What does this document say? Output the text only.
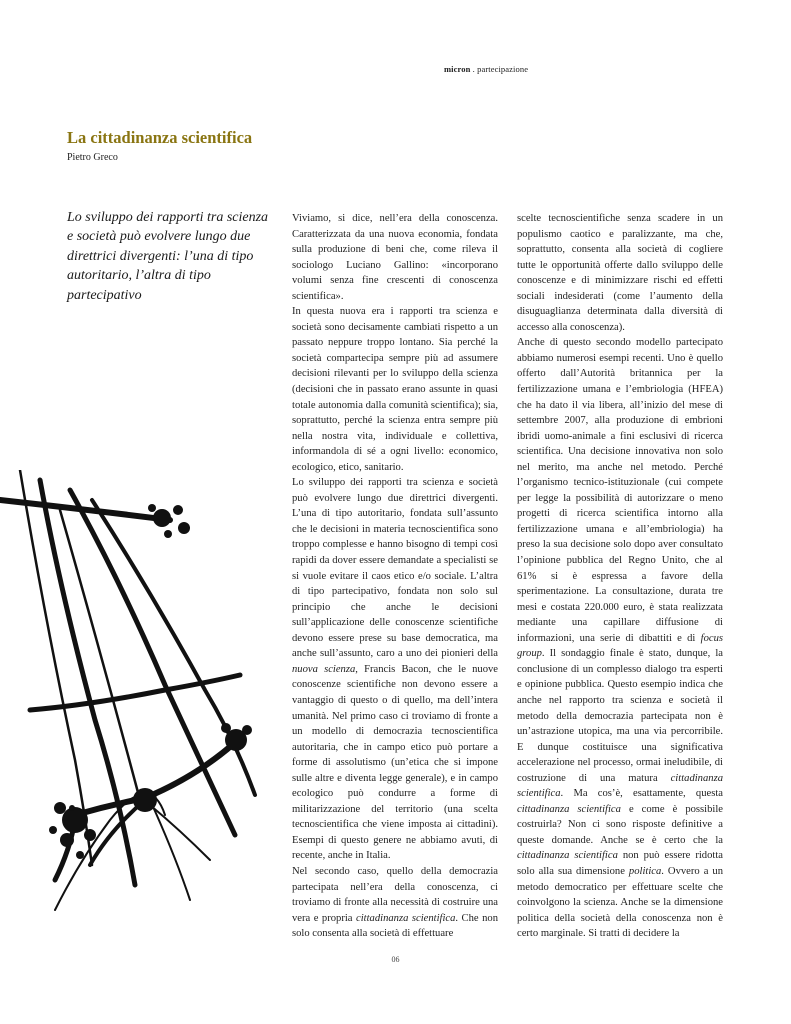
micron . partecipazione
La cittadinanza scientifica
Pietro Greco
Lo sviluppo dei rapporti tra scienza e società può evolvere lungo due direttrici divergenti: l’una di tipo autoritario, l’altra di tipo partecipativo

Viviamo, si dice, nell’era della conoscenza. Caratterizzata da una nuova economia, fondata sulla produzione di beni che, come rileva il sociologo Luciano Gallino: «incorporano volumi senza fine crescenti di conoscenza scientifica».

In questa nuova era i rapporti tra scienza e società sono decisamente cambiati rispetto a un passato neppure troppo lontano. Sia perché la società compartecipa sempre più ad assumere decisioni rilevanti per lo sviluppo della scienza (decisioni che in passato erano assunte in quasi totale autonomia dalla comunità scientifica); sia, soprattutto, perché la scienza entra sempre più nella nostra vita, individuale e collettiva, informandola di sé a ogni livello: economico, ecologico, etico, sanitario.

Lo sviluppo dei rapporti tra scienza e società può evolvere lungo due direttrici divergenti. L’una di tipo autoritario, fondata sull’assunto che le decisioni in materia tecnoscientifica sono troppo complesse e hanno bisogno di tempi così rapidi da dover essere demandate a specialisti se si vuole evitare il caos etico e/o sociale. L’altra di tipo partecipativo, fondata non solo sul principio che anche le decisioni sull’applicazione delle conoscenze scientifiche devono essere prese su base democratica, ma anche sull’assunto, caro a uno dei pionieri della nuova scienza, Francis Bacon, che le nuove conoscenze scientifiche non devono essere a vantaggio di questo o di quello, ma dell’intera umanità. Nel primo caso ci troviamo di fronte a un modello di democrazia tecnoscientifica autoritaria, che in campo etico può portare a forme di assolutismo (un’etica che si impone sulle altre e diventa legge generale), e in campo ecologico può condurre a forme di militarizzazione del territorio (una scelta tecnoscientifica che viene imposta ai cittadini). Esempi di questo genere ne abbiamo avuti, di recente, anche in Italia.

Nel secondo caso, quello della democrazia partecipata nell’era della conoscenza, ci troviamo di fronte alla necessità di costruire una vera e propria cittadinanza scientifica. Che non solo consenta alla società di effettuare

scelte tecnoscientifiche senza scadere in un populismo caotico e paralizzante, ma che, soprattutto, consenta alla società di cogliere tutte le opportunità offerte dallo sviluppo delle conoscenze e di minimizzare rischi ed effetti sociali indesiderati (come l’aumento della disuguaglianza determinata dalla diversità di accesso alla conoscenza).

Anche di questo secondo modello partecipato abbiamo numerosi esempi recenti. Uno è quello offerto dall’Autorità britannica per la fertilizzazione umana e l’embriologia (HFEA) che ha dato il via libera, all’inizio del mese di settembre 2007, alla produzione di embrioni ibridi uomo-animale a fini esclusivi di ricerca scientifica. Una decisione innovativa non solo nel merito, ma anche nel metodo. Perché l’organismo tecnico-istituzionale (cui compete per legge la possibilità di autorizzare o meno progetti di ricerca scientifica intorno alla fertilizzazione umana e all’embriologia) ha preso la sua decisione solo dopo aver consultato l’opinione pubblica del Regno Unito, che al 61% si è espressa a favore della sperimentazione. La consultazione, durata tre mesi e costata 220.000 euro, è stata realizzata mediante una capillare diffusione di informazioni, una serie di dibattiti e di focus group. Il sondaggio finale è stato, dunque, la conclusione di un complesso dialogo tra esperti e opinione pubblica. Questo esempio indica che anche nel rapporto tra scienza e società il metodo della democrazia partecipata non è un’astrazione utopica, ma una via percorribile. E dunque costituisce una significativa accelerazione nel processo, ormai ineludibile, di costruzione di una matura cittadinanza scientifica. Ma cos’è, esattamente, questa cittadinanza scientifica e come è possibile costruirla? Non ci sono risposte definitive a queste domande. Anche se è certo che la cittadinanza scientifica non può essere ridotta solo alla sua dimensione politica. Ovvero a un metodo democratico per effettuare scelte che coinvolgono la scienza. Anche se la dimensione politica della società della conoscenza non è certo marginale. Si tratti di decidere la

06
